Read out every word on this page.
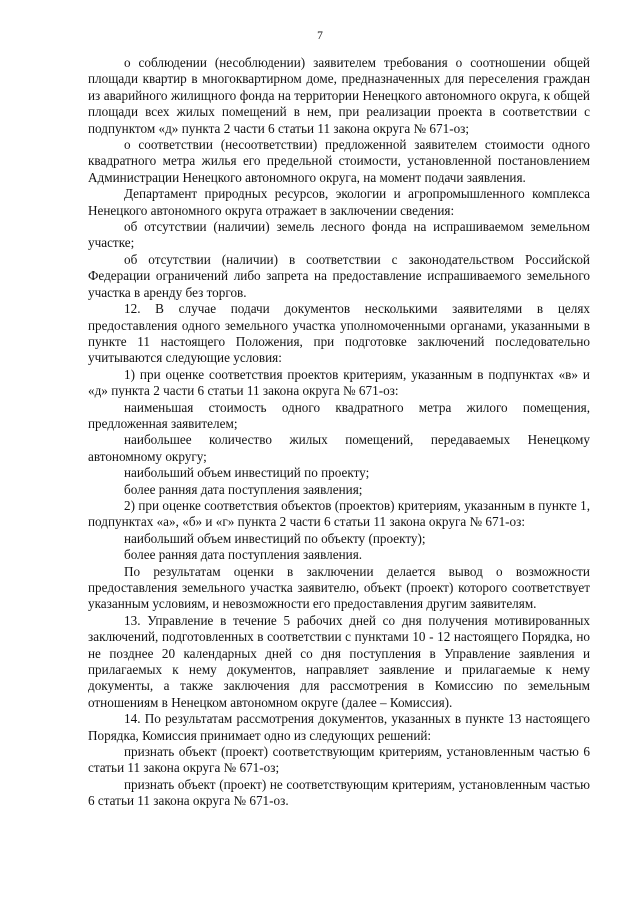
7

о соблюдении (несоблюдении) заявителем требования о соотношении общей площади квартир в многоквартирном доме, предназначенных для переселения граждан из аварийного жилищного фонда на территории Ненецкого автономного округа, к общей площади всех жилых помещений в нем, при реализации проекта в соответствии с подпунктом «д» пункта 2 части 6 статьи 11 закона округа № 671-оз;

о соответствии (несоответствии) предложенной заявителем стоимости одного квадратного метра жилья его предельной стоимости, установленной постановлением Администрации Ненецкого автономного округа, на момент подачи заявления.

Департамент природных ресурсов, экологии и агропромышленного комплекса Ненецкого автономного округа отражает в заключении сведения:

об отсутствии (наличии) земель лесного фонда на испрашиваемом земельном участке;

об отсутствии (наличии) в соответствии с законодательством Российской Федерации ограничений либо запрета на предоставление испрашиваемого земельного участка в аренду без торгов.

12. В случае подачи документов несколькими заявителями в целях предоставления одного земельного участка уполномоченными органами, указанными в пункте 11 настоящего Положения, при подготовке заключений последовательно учитываются следующие условия:

1) при оценке соответствия проектов критериям, указанным в подпунктах «в» и «д» пункта 2 части 6 статьи 11 закона округа № 671-оз:

наименьшая стоимость одного квадратного метра жилого помещения, предложенная заявителем;

наибольшее количество жилых помещений, передаваемых Ненецкому автономному округу;

наибольший объем инвестиций по проекту;

более ранняя дата поступления заявления;

2) при оценке соответствия объектов (проектов) критериям, указанным в пункте 1, подпунктах «а», «б» и «г» пункта 2 части 6 статьи 11 закона округа № 671-оз:

наибольший объем инвестиций по объекту (проекту);

более ранняя дата поступления заявления.

По результатам оценки в заключении делается вывод о возможности предоставления земельного участка заявителю, объект (проект) которого соответствует указанным условиям, и невозможности его предоставления другим заявителям.

13. Управление в течение 5 рабочих дней со дня получения мотивированных заключений, подготовленных в соответствии с пунктами 10 - 12 настоящего Порядка, но не позднее 20 календарных дней со дня поступления в Управление заявления и прилагаемых к нему документов, направляет заявление и прилагаемые к нему документы, а также заключения для рассмотрения в Комиссию по земельным отношениям в Ненецком автономном округе (далее – Комиссия).

14. По результатам рассмотрения документов, указанных в пункте 13 настоящего Порядка, Комиссия принимает одно из следующих решений:

признать объект (проект) соответствующим критериям, установленным частью 6 статьи 11 закона округа № 671-оз;

признать объект (проект) не соответствующим критериям, установленным частью 6 статьи 11 закона округа № 671-оз.
